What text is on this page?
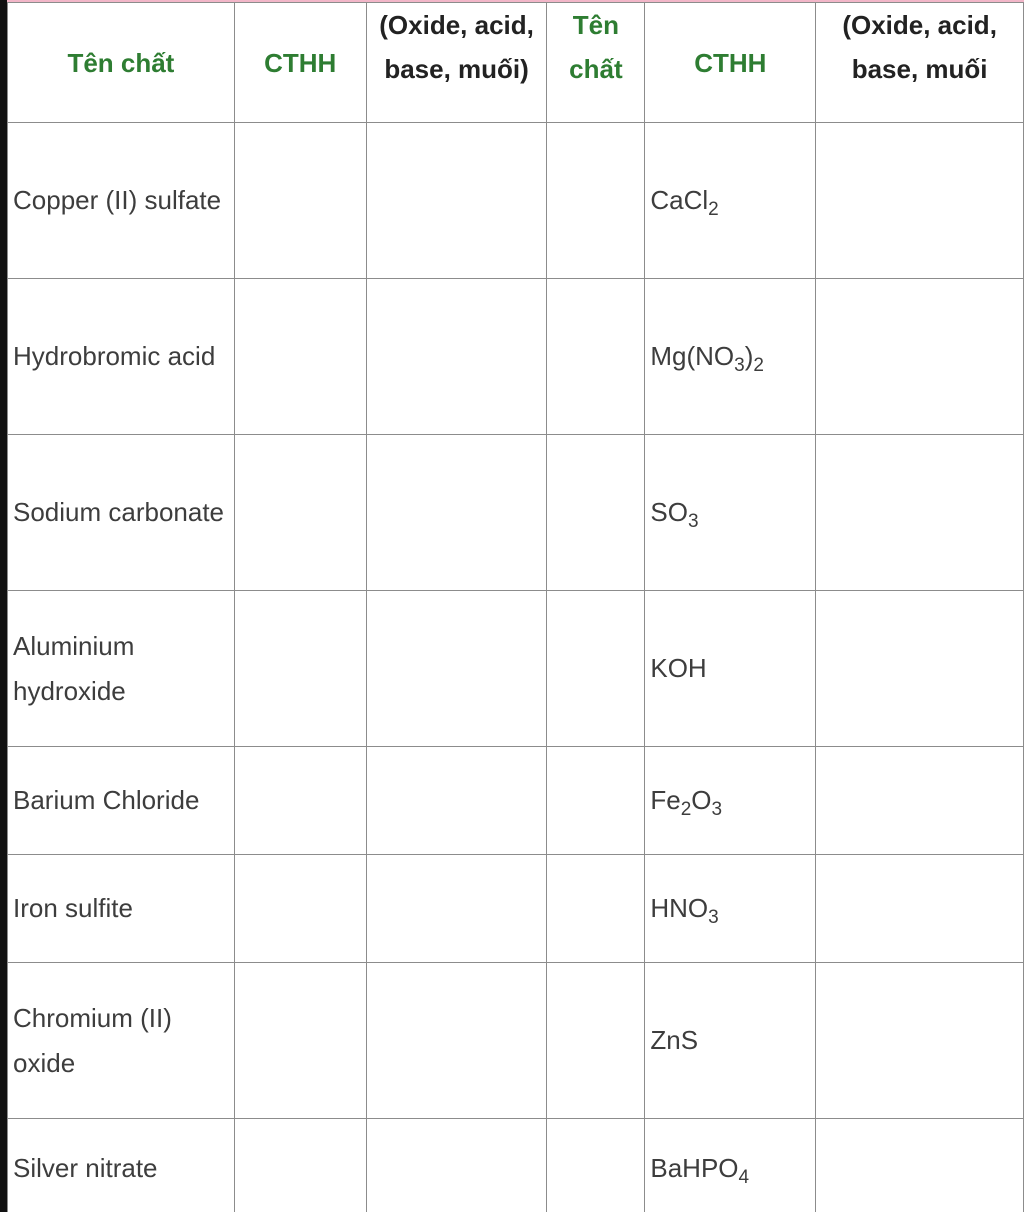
Tên chất	CTHH	(Oxide, acid, base, muối)	Tên chất	CTHH	(Oxide, acid, base, muối
Copper (II) sulfate				CaCl$_2$	
Hydrobromic acid				$Mg(NO_3)_2$	
Sodium carbonate				$SO_3$	
Aluminium hydroxide				KOH	
Barium Chloride				$Fe_2O_3$	
Iron sulfite				$HNO_3$	
Chromium (II) oxide				ZnS	
Silver nitrate				BaHPO$_4$	
